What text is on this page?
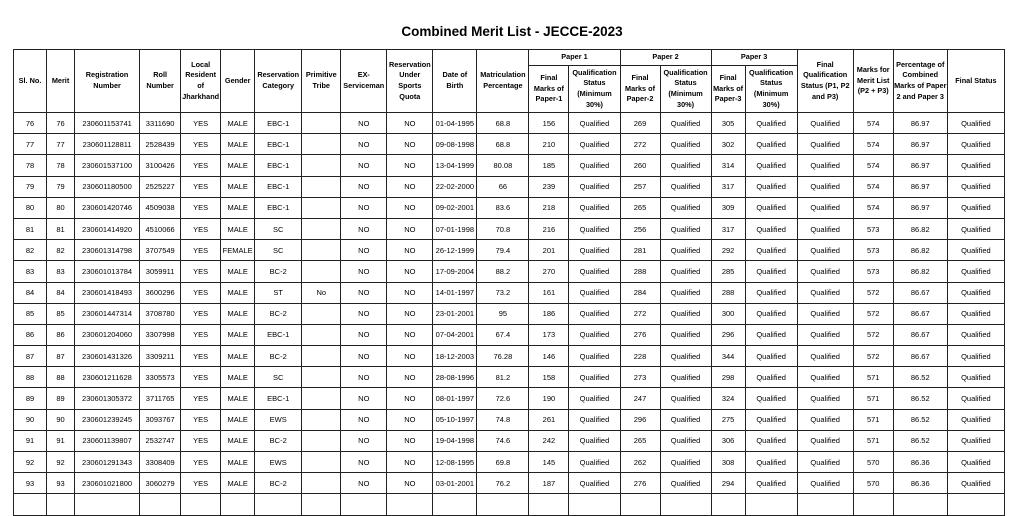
Combined Merit List - JECCE-2023
Sl. No.	Merit	Registration Number	Roll Number	Local Resident of Jharkhand	Gender	Reservation Category	Primitive Tribe	EX-Serviceman	Reservation Under Sports Quota	Date of Birth	Matriculation Percentage	Paper 1		Paper 2		Paper 3		Final Qualification Status (P1, P2 and P3)	Marks for Merit List (P2 + P3)	Percentage of Combined Marks of Paper 2 and Paper 3	Final Status
												Final Marks of Paper-1	Qualification Status (Minimum 30%)	Final Marks of Paper-2	Qualification Status (Minimum 30%)	Final Marks of Paper-3	Qualification Status (Minimum 30%)				
76	76	230601153741	3311690	YES	MALE	EBC-1		NO	NO	01-04-1995	68.8	156	Qualified	269	Qualified	305	Qualified	Qualified	574	86.97	Qualified
77	77	230601128811	2528439	YES	MALE	EBC-1		NO	NO	09-08-1998	68.8	210	Qualified	272	Qualified	302	Qualified	Qualified	574	86.97	Qualified
78	78	230601537100	3100426	YES	MALE	EBC-1		NO	NO	13-04-1999	80.08	185	Qualified	260	Qualified	314	Qualified	Qualified	574	86.97	Qualified
79	79	230601180500	2525227	YES	MALE	EBC-1		NO	NO	22-02-2000	66	239	Qualified	257	Qualified	317	Qualified	Qualified	574	86.97	Qualified
80	80	230601420746	4509038	YES	MALE	EBC-1		NO	NO	09-02-2001	83.6	218	Qualified	265	Qualified	309	Qualified	Qualified	574	86.97	Qualified
81	81	230601414920	4510066	YES	MALE	SC		NO	NO	07-01-1998	70.8	216	Qualified	256	Qualified	317	Qualified	Qualified	573	86.82	Qualified
82	82	230601314798	3707549	YES	FEMALE	SC		NO	NO	26-12-1999	79.4	201	Qualified	281	Qualified	292	Qualified	Qualified	573	86.82	Qualified
83	83	230601013784	3059911	YES	MALE	BC-2		NO	NO	17-09-2004	88.2	270	Qualified	288	Qualified	285	Qualified	Qualified	573	86.82	Qualified
84	84	230601418493	3600296	YES	MALE	ST	No	NO	NO	14-01-1997	73.2	161	Qualified	284	Qualified	288	Qualified	Qualified	572	86.67	Qualified
85	85	230601447314	3708780	YES	MALE	BC-2		NO	NO	23-01-2001	95	186	Qualified	272	Qualified	300	Qualified	Qualified	572	86.67	Qualified
86	86	230601204060	3307998	YES	MALE	EBC-1		NO	NO	07-04-2001	67.4	173	Qualified	276	Qualified	296	Qualified	Qualified	572	86.67	Qualified
87	87	230601431326	3309211	YES	MALE	BC-2		NO	NO	18-12-2003	76.28	146	Qualified	228	Qualified	344	Qualified	Qualified	572	86.67	Qualified
88	88	230601211628	3305573	YES	MALE	SC		NO	NO	28-08-1996	81.2	158	Qualified	273	Qualified	298	Qualified	Qualified	571	86.52	Qualified
89	89	230601305372	3711765	YES	MALE	EBC-1		NO	NO	08-01-1997	72.6	190	Qualified	247	Qualified	324	Qualified	Qualified	571	86.52	Qualified
90	90	230601239245	3093767	YES	MALE	EWS		NO	NO	05-10-1997	74.8	261	Qualified	296	Qualified	275	Qualified	Qualified	571	86.52	Qualified
91	91	230601139807	2532747	YES	MALE	BC-2		NO	NO	19-04-1998	74.6	242	Qualified	265	Qualified	306	Qualified	Qualified	571	86.52	Qualified
92	92	230601291343	3308409	YES	MALE	EWS		NO	NO	12-08-1995	69.8	145	Qualified	262	Qualified	308	Qualified	Qualified	570	86.36	Qualified
93	93	230601021800	3060279	YES	MALE	BC-2		NO	NO	03-01-2001	76.2	187	Qualified	276	Qualified	294	Qualified	Qualified	570	86.36	Qualified
